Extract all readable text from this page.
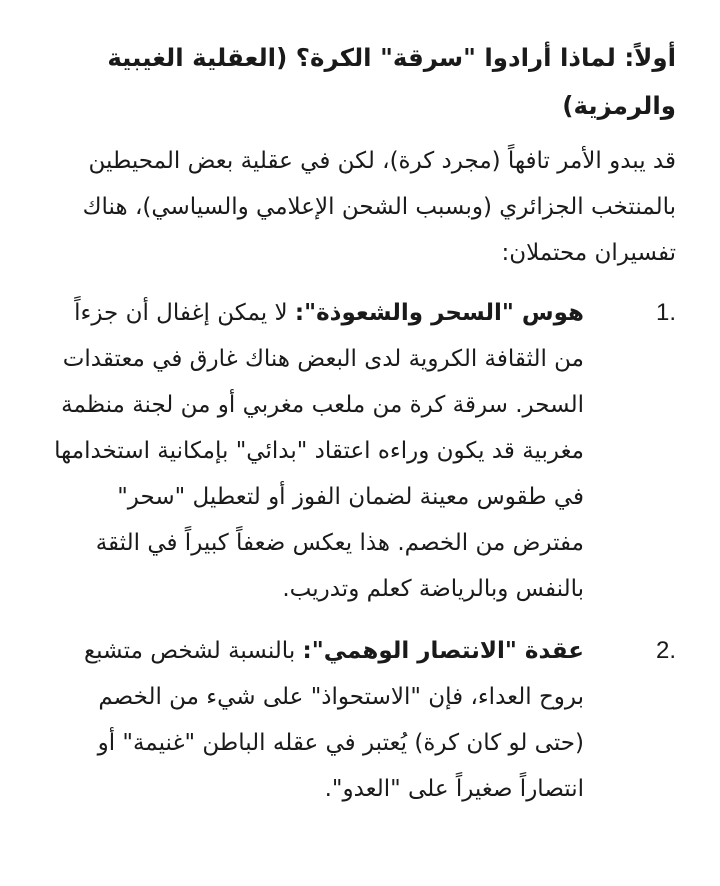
أولاً: لماذا أرادوا "سرقة" الكرة؟ (العقلية الغيبية والرمزية)

قد يبدو الأمر تافهاً (مجرد كرة)، لكن في عقلية بعض المحيطين بالمنتخب الجزائري (وبسبب الشحن الإعلامي والسياسي)، هناك تفسيران محتملان:

1.
هوس "السحر والشعوذة": لا يمكن إغفال أن جزءاً من الثقافة الكروية لدى البعض هناك غارق في معتقدات السحر. سرقة كرة من ملعب مغربي أو من لجنة منظمة مغربية قد يكون وراءه اعتقاد "بدائي" بإمكانية استخدامها في طقوس معينة لضمان الفوز أو لتعطيل "سحر" مفترض من الخصم. هذا يعكس ضعفاً كبيراً في الثقة بالنفس وبالرياضة كعلم وتدريب.
2.
عقدة "الانتصار الوهمي": بالنسبة لشخص متشبع بروح العداء، فإن "الاستحواذ" على شيء من الخصم (حتى لو كان كرة) يُعتبر في عقله الباطن "غنيمة" أو انتصاراً صغيراً على "العدو".
